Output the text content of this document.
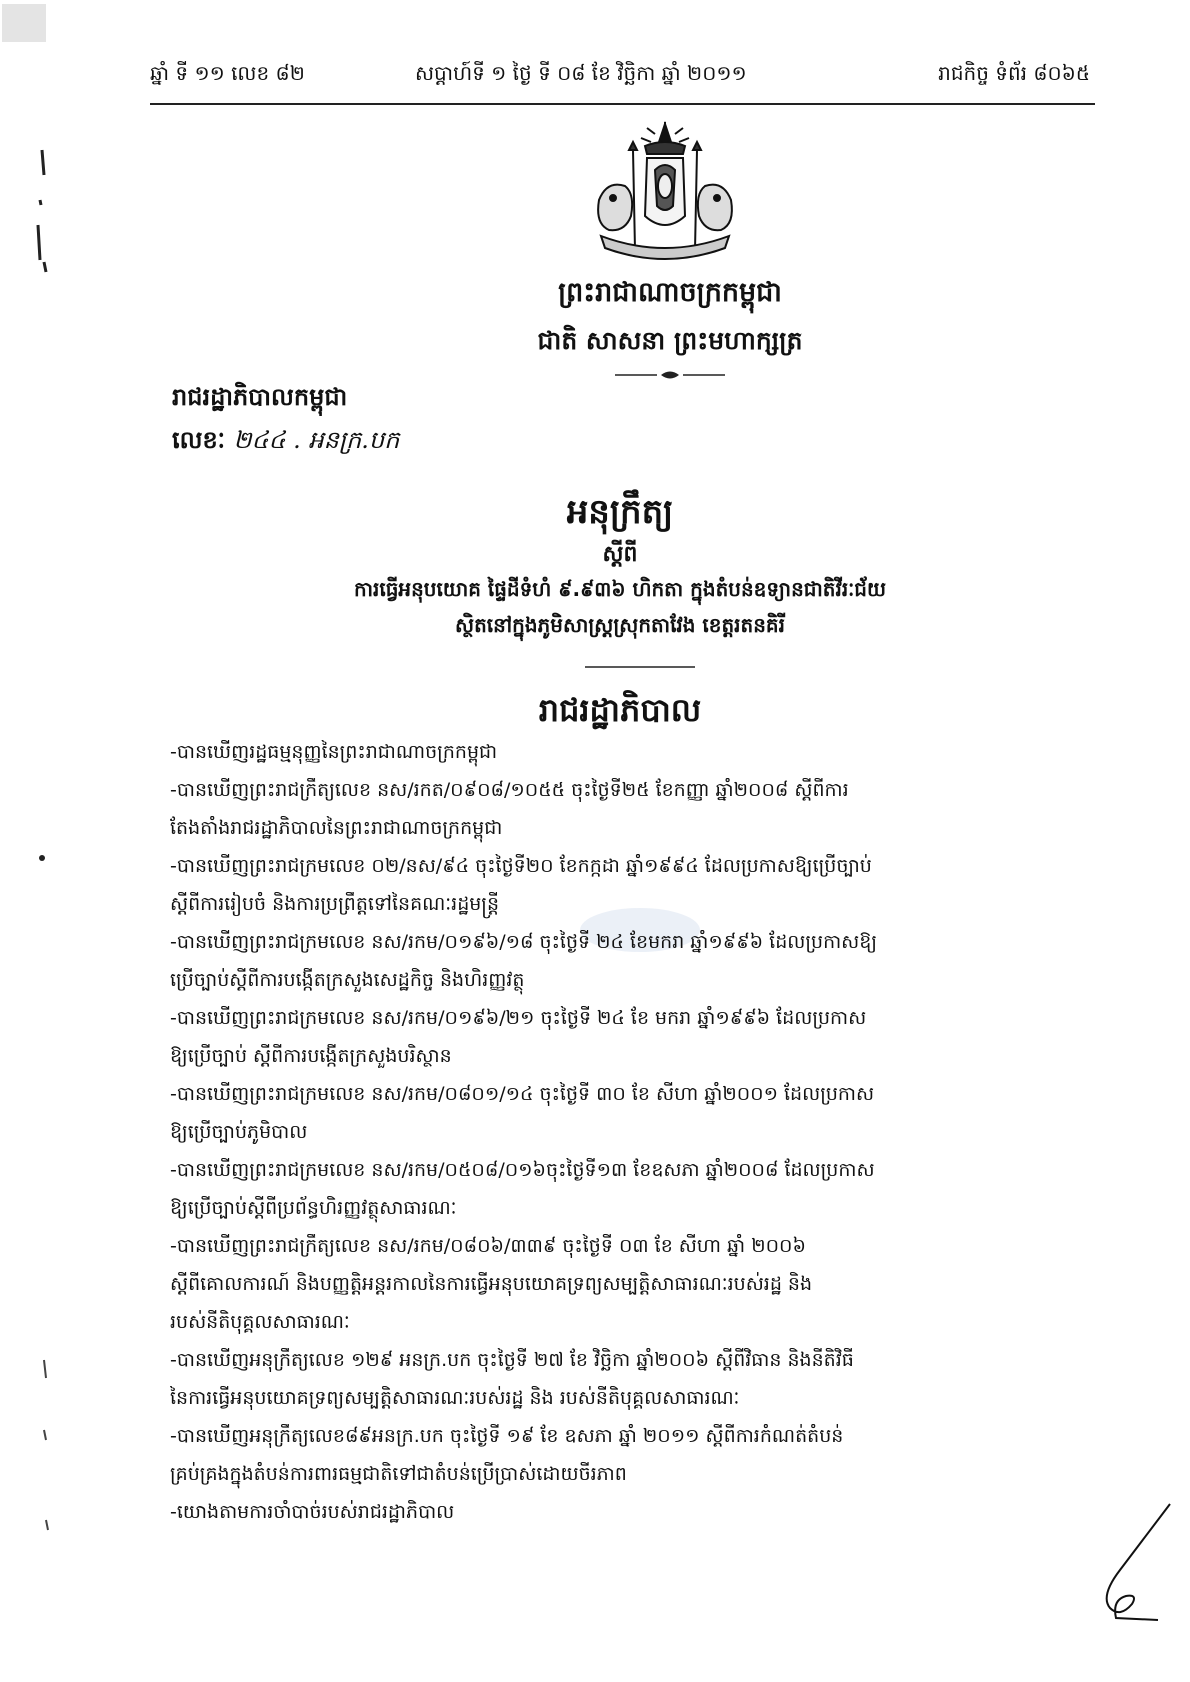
ឆ្នាំ ទី ១១ លេខ ៨២	សប្តាហ៍ទី ១ ថ្ងៃ ទី ០៨ ខែ វិច្ឆិកា ឆ្នាំ ២០១១	រាជកិច្ច ទំព័រ ៨០៦៥
ព្រះរាជាណាចក្រកម្ពុជា
ជាតិ សាសនា ព្រះមហាក្សត្រ
រាជរដ្ឋាភិបាលកម្ពុជា
លេខៈ ២៤៤ . អនក្រ.បក
អនុក្រឹត្យ
ស្តីពី
ការធ្វើអនុបយោគ ផ្ទៃដីទំហំ ៩.៩៣៦ ហិកតា ក្នុងតំបន់ឧទ្យានជាតិវីរៈជ័យ
ស្ថិតនៅក្នុងភូមិសាស្រ្តស្រុកតាវែង ខេត្តរតនគិរី
រាជរដ្ឋាភិបាល
-បានឃើញរដ្ឋធម្មនុញ្ញនៃព្រះរាជាណាចក្រកម្ពុជា
-បានឃើញព្រះរាជក្រឹត្យលេខ នស/រកត/០៩០៨/១០៥៥ ចុះថ្ងៃទី២៥ ខែកញ្ញា ឆ្នាំ២០០៨ ស្តីពីការ
តែងតាំងរាជរដ្ឋាភិបាលនៃព្រះរាជាណាចក្រកម្ពុជា
-បានឃើញព្រះរាជក្រមលេខ ០២/នស/៩៤ ចុះថ្ងៃទី២០ ខែកក្កដា ឆ្នាំ១៩៩៤ ដែលប្រកាសឱ្យប្រើច្បាប់
ស្តីពីការរៀបចំ និងការប្រព្រឹត្តទៅនៃគណៈរដ្ឋមន្ត្រី
-បានឃើញព្រះរាជក្រមលេខ នស/រកម/០១៩៦/១៨ ចុះថ្ងៃទី ២៤ ខែមករា ឆ្នាំ១៩៩៦ ដែលប្រកាសឱ្យ
ប្រើច្បាប់ស្តីពីការបង្កើតក្រសួងសេដ្ឋកិច្ច និងហិរញ្ញវត្ថុ
-បានឃើញព្រះរាជក្រមលេខ នស/រកម/០១៩៦/២១ ចុះថ្ងៃទី ២៤ ខែ មករា ឆ្នាំ១៩៩៦ ដែលប្រកាស
ឱ្យប្រើច្បាប់ ស្តីពីការបង្កើតក្រសួងបរិស្ថាន
-បានឃើញព្រះរាជក្រមលេខ នស/រកម/០៨០១/១៤ ចុះថ្ងៃទី ៣០ ខែ សីហា ឆ្នាំ២០០១ ដែលប្រកាស
ឱ្យប្រើច្បាប់ភូមិបាល
-បានឃើញព្រះរាជក្រមលេខ នស/រកម/០៥០៨/០១៦ចុះថ្ងៃទី១៣ ខែឧសភា ឆ្នាំ២០០៨ ដែលប្រកាស
ឱ្យប្រើច្បាប់ស្តីពីប្រព័ន្ធហិរញ្ញវត្ថុសាធារណៈ
-បានឃើញព្រះរាជក្រឹត្យលេខ នស/រកម/០៨០៦/៣៣៩ ចុះថ្ងៃទី ០៣ ខែ សីហា ឆ្នាំ ២០០៦
ស្តីពីគោលការណ៍ និងបញ្ញត្តិអន្តរកាលនៃការធ្វើអនុបយោគទ្រព្យសម្បត្តិសាធារណៈរបស់រដ្ឋ និង
របស់នីតិបុគ្គលសាធារណៈ
-បានឃើញអនុក្រឹត្យលេខ ១២៩ អនក្រ.បក ចុះថ្ងៃទី ២៧ ខែ វិច្ឆិកា ឆ្នាំ២០០៦ ស្តីពីវិធាន និងនីតិវិធី
នៃការធ្វើអនុបយោគទ្រព្យសម្បត្តិសាធារណៈរបស់រដ្ឋ និង របស់នីតិបុគ្គលសាធារណៈ
-បានឃើញអនុក្រឹត្យលេខ៨៩អនក្រ.បក ចុះថ្ងៃទី ១៩ ខែ ឧសភា ឆ្នាំ ២០១១ ស្តីពីការកំណត់តំបន់
គ្រប់គ្រងក្នុងតំបន់ការពារធម្មជាតិទៅជាតំបន់ប្រើប្រាស់ដោយចីរភាព
-យោងតាមការចាំបាច់របស់រាជរដ្ឋាភិបាល
